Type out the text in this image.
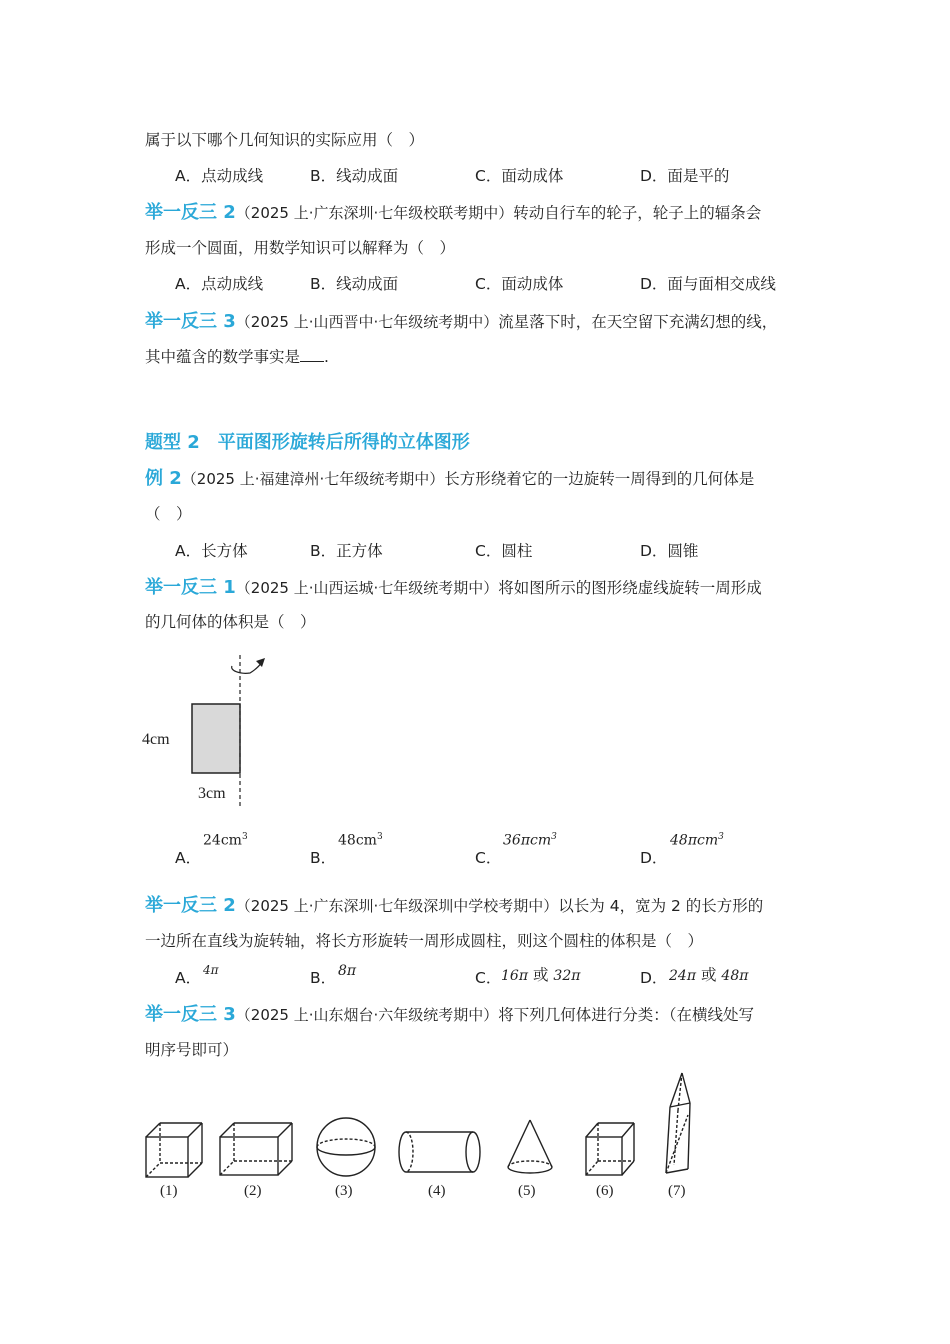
属于以下哪个几何知识的实际应用（　）
A．点动成线	B．线动成面	C．面动成体	D．面是平的
举一反三 2（2025 上·广东深圳·七年级校联考期中）转动自行车的轮子，轮子上的辐条会
形成一个圆面，用数学知识可以解释为（　）
A．点动成线	B．线动成面	C．面动成体	D．面与面相交成线
举一反三 3（2025 上·山西晋中·七年级统考期中）流星落下时，在天空留下充满幻想的线，
其中蕴含的数学事实是 .
题型 2　平面图形旋转后所得的立体图形
例 2（2025 上·福建漳州·七年级统考期中）长方形绕着它的一边旋转一周得到的几何体是
（　）
A．长方体	B．正方体	C．圆柱	D．圆锥
举一反三 1（2025 上·山西运城·七年级统考期中）将如图所示的图形绕虚线旋转一周形成
的几何体的体积是（　）
4cm
3cm
A．
$24cm^3$
B．
$48cm^3$
C．
36πcm$^3$
D．
48πcm$^3$
举一反三 2（2025 上·广东深圳·七年级深圳中学校考期中）以长为 4，宽为 2 的长方形的
一边所在直线为旋转轴，将长方形旋转一周形成圆柱，则这个圆柱的体积是（　）
A． 4π	B． 8π	C． 16π 或 32π	D． 24π 或 48π
举一反三 3（2025 上·山东烟台·六年级统考期中）将下列几何体进行分类：（在横线处写
明序号即可）
(1)	(2)	(3)	(4)	(5)	(6)	(7)
